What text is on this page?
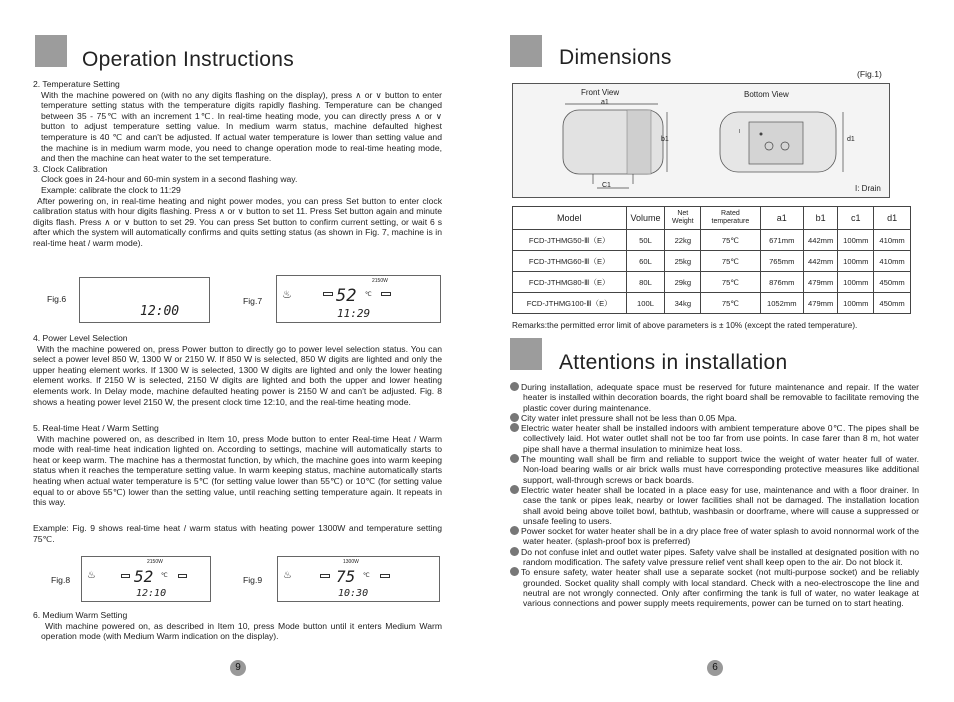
Operation Instructions

2. Temperature Setting

With the machine powered on (with no any digits flashing on the display), press ∧ or ∨ button to enter temperature setting status with the temperature digits rapidly flashing. Temperature can be changed between 35 - 75℃ with an increment 1℃. In real-time heating mode, you can directly press ∧ or ∨ button to adjust temperature setting value. In medium warm status, machine defaulted highest temperature is 40 ℃ and can't be adjusted. If actual water temperature is lower than setting value and the machine is in medium warm mode, you need to change operation mode to real-time heating mode, and then the machine can heat water to the set temperature.

3. Clock Calibration

Clock goes in 24-hour and 60-min system in a second flashing way.

Example: calibrate the clock to 11:29

After powering on, in real-time heating and night power modes, you can press Set button to enter clock calibration status with hour digits flashing. Press ∧ or ∨ button to set 11. Press Set button again and minute digits flash. Press ∧ or ∨ button to set 29. You can press Set button to confirm current setting, or wait 6 s after which the system will automatically confirms and quits setting status (as shown in Fig. 7, machine is in real-time heat / warm mode).

Fig.6
12:00
Fig.7 ♨
2150W
52 ℃
11:29

4. Power Level Selection

With the machine powered on, press Power button to directly go to power level selection status. You can select a power level 850 W, 1300 W or 2150 W. If 850 W is selected, 850 W digits are lighted and only the upper heating element works. If 1300 W is selected, 1300 W digits are lighted and only the lower heating element works. If 2150 W is selected, 2150 W digits are lighted and both the upper and lower heating elements work. In Delay mode, machine defaulted heating power is 2150 W and can't be adjusted. Fig. 8 shows a heating power level 2150 W, the present clock time 12:10, and the real-time heating mode.

5. Real-time Heat / Warm Setting

With machine powered on, as described in Item 10, press Mode button to enter Real-time Heat / Warm mode with real-time heat indication lighted on. According to settings, machine will automatically starts to heat or keep warm. The machine has a thermostat function, by which, the machine goes into warm keeping status when it reaches the temperature setting value. In warm keeping status, machine automatically starts heating when actual water temperature is 5℃ (for setting value lower than 55℃) or 10℃ (for setting value equal to or above 55℃) lower than the setting value, until reaching setting temperature again. It repeats in this way.

Example: Fig. 9 shows real-time heat / warm status with heating power 1300W and temperature setting 75℃.

Fig.8 ♨
2150W
52 ℃
12:10
Fig.9 ♨
1300W
75 ℃
10:30

6. Medium Warm Setting

With machine powered on, as described in Item 10, press Mode button until it enters Medium Warm operation mode (with Medium Warm indication on the display).

9
Dimensions
(Fig.1)
Front View
a1
b1
C1
Bottom View
I
d1
I: Drain
Model	Volume	Net Weight	Rated temperature	a1	b1	c1	d1
FCD-JTHMG50-Ⅲ（E）	50L	22kg	75℃	671mm	442mm	100mm	410mm
FCD-JTHMG60-Ⅲ（E）	60L	25kg	75℃	765mm	442mm	100mm	410mm
FCD-JTHMG80-Ⅲ（E）	80L	29kg	75℃	876mm	479mm	100mm	450mm
FCD-JTHMG100-Ⅲ（E）	100L	34kg	75℃	1052mm	479mm	100mm	450mm
Remarks:the permitted error limit of above parameters is ± 10% (except the rated temperature).
Attentions in installation

During installation, adequate space must be reserved for future maintenance and repair. If the water heater is installed within decoration boards, the right board shall be removable to facilitate removing the plastic cover during maintenance.

City water inlet pressure shall not be less than 0.05 Mpa.

Electric water heater shall be installed indoors with ambient temperature above 0℃. The pipes shall be collectively laid. Hot water outlet shall not be too far from use points. In case farer than 8 m, hot water pipe shall have a thermal insulation to minimize heat loss.

The mounting wall shall be firm and reliable to support twice the weight of water heater full of water. Non-load bearing walls or air brick walls must have corresponding protective measures like additional support, wall-through screws or back boards.

Electric water heater shall be located in a place easy for use, maintenance and with a floor drainer. In case the tank or pipes leak, nearby or lower facilities shall not be damaged. The installation location shall avoid being above toilet bowl, bathtub, washbasin or doorframe, where will cause a suppressed or unsafe feeling to users.

Power socket for water heater shall be in a dry place free of water splash to avoid nonnormal work of the water heater. (splash-proof box is preferred)

Do not confuse inlet and outlet water pipes. Safety valve shall be installed at designated position with no random modification. The safety valve pressure relief vent shall keep open to the air. Do not block it.

To ensure safety, water heater shall use a separate socket (not multi-purpose socket) and be reliably grounded. Socket quality shall comply with local standard. Check with a neo-electroscope the line and neutral are not wrongly connected. Only after confirming the tank is full of water, no water leakage at various connections and power supply meets requirements, power can be turned on to start heating.

6
